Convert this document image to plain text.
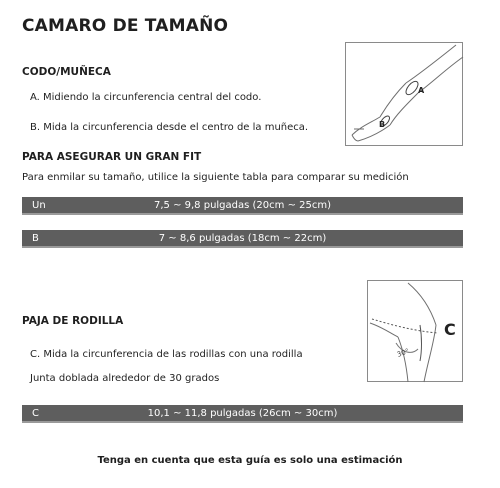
CAMARO DE TAMAÑO
CODO/MUÑECA
A. Midiendo la circunferencia central del codo.
B. Mida la circunferencia desde el centro de la muñeca.
A
B
PARA ASEGURAR UN GRAN FIT
Para enmilar su tamaño, utilice la siguiente tabla para comparar su medición
Un	7,5 ~ 9,8 pulgadas (20cm ~ 25cm)
B	7 ~ 8,6 pulgadas (18cm ~ 22cm)
PAJA DE RODILLA
C. Mida la circunferencia de las rodillas con una rodilla
Junta doblada alrededor de 30 grados
C
30°
C	10,1 ~ 11,8 pulgadas (26cm ~ 30cm)
Tenga en cuenta que esta guía es solo una estimación
